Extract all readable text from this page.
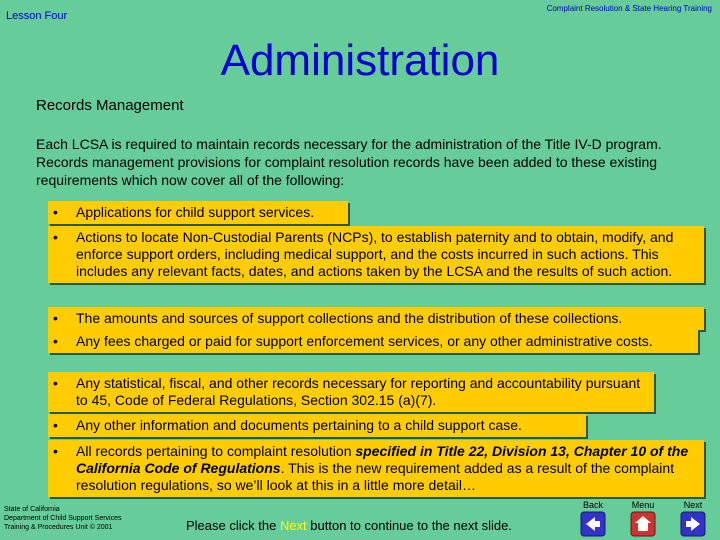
Lesson Four
Complaint Resolution & State Hearing Training
Administration
Records Management
Each LCSA is required to maintain records necessary for the administration of the Title IV-D program. Records management provisions for complaint resolution records have been added to these existing requirements which now cover all of the following:
•	Applications for child support services.
•	Actions to locate Non-Custodial Parents (NCPs), to establish paternity and to obtain, modify, and enforce support orders, including medical support, and the costs incurred in such actions. This includes any relevant facts, dates, and actions taken by the LCSA and the results of such action.
•	The amounts and sources of support collections and the distribution of these collections.
•	Any fees charged or paid for support enforcement services, or any other administrative costs.
•	Any statistical, fiscal, and other records necessary for reporting and accountability pursuant to 45, Code of Federal Regulations, Section 302.15 (a)(7).
•	Any other information and documents pertaining to a child support case.
•	All records pertaining to complaint resolution specified in Title 22, Division 13, Chapter 10 of the California Code of Regulations. This is the new requirement added as a result of the complaint resolution regulations, so we’ll look at this in a little more detail…
State of California
Department of Child Support Services
Training & Procedures Unit © 2001	Please click the Next button to continue to the next slide.
Back	Menu	Next
